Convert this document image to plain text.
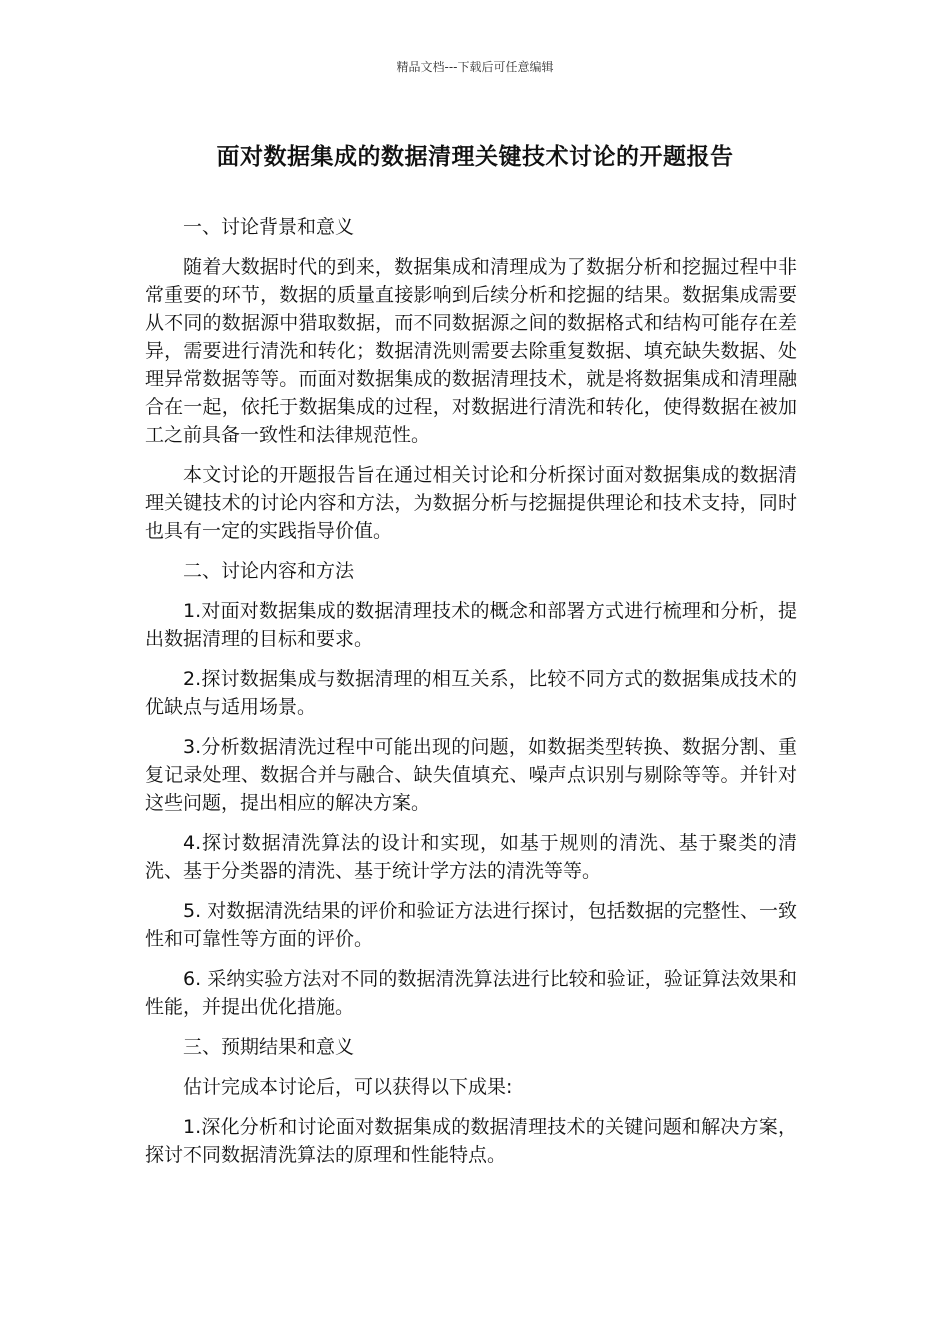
精品文档---下载后可任意编辑
面对数据集成的数据清理关键技术讨论的开题报告

一、讨论背景和意义

随着大数据时代的到来，数据集成和清理成为了数据分析和挖掘过程中非常重要的环节，数据的质量直接影响到后续分析和挖掘的结果。数据集成需要从不同的数据源中猎取数据，而不同数据源之间的数据格式和结构可能存在差异，需要进行清洗和转化；数据清洗则需要去除重复数据、填充缺失数据、处理异常数据等等。而面对数据集成的数据清理技术，就是将数据集成和清理融合在一起，依托于数据集成的过程，对数据进行清洗和转化，使得数据在被加工之前具备一致性和法律规范性。

本文讨论的开题报告旨在通过相关讨论和分析探讨面对数据集成的数据清理关键技术的讨论内容和方法，为数据分析与挖掘提供理论和技术支持，同时也具有一定的实践指导价值。

二、讨论内容和方法

1.对面对数据集成的数据清理技术的概念和部署方式进行梳理和分析，提出数据清理的目标和要求。

2.探讨数据集成与数据清理的相互关系，比较不同方式的数据集成技术的优缺点与适用场景。

3.分析数据清洗过程中可能出现的问题，如数据类型转换、数据分割、重复记录处理、数据合并与融合、缺失值填充、噪声点识别与剔除等等。并针对这些问题，提出相应的解决方案。

4.探讨数据清洗算法的设计和实现，如基于规则的清洗、基于聚类的清洗、基于分类器的清洗、基于统计学方法的清洗等等。

5. 对数据清洗结果的评价和验证方法进行探讨，包括数据的完整性、一致性和可靠性等方面的评价。

6. 采纳实验方法对不同的数据清洗算法进行比较和验证，验证算法效果和性能，并提出优化措施。

三、预期结果和意义

估计完成本讨论后，可以获得以下成果:

1.深化分析和讨论面对数据集成的数据清理技术的关键问题和解决方案，探讨不同数据清洗算法的原理和性能特点。
